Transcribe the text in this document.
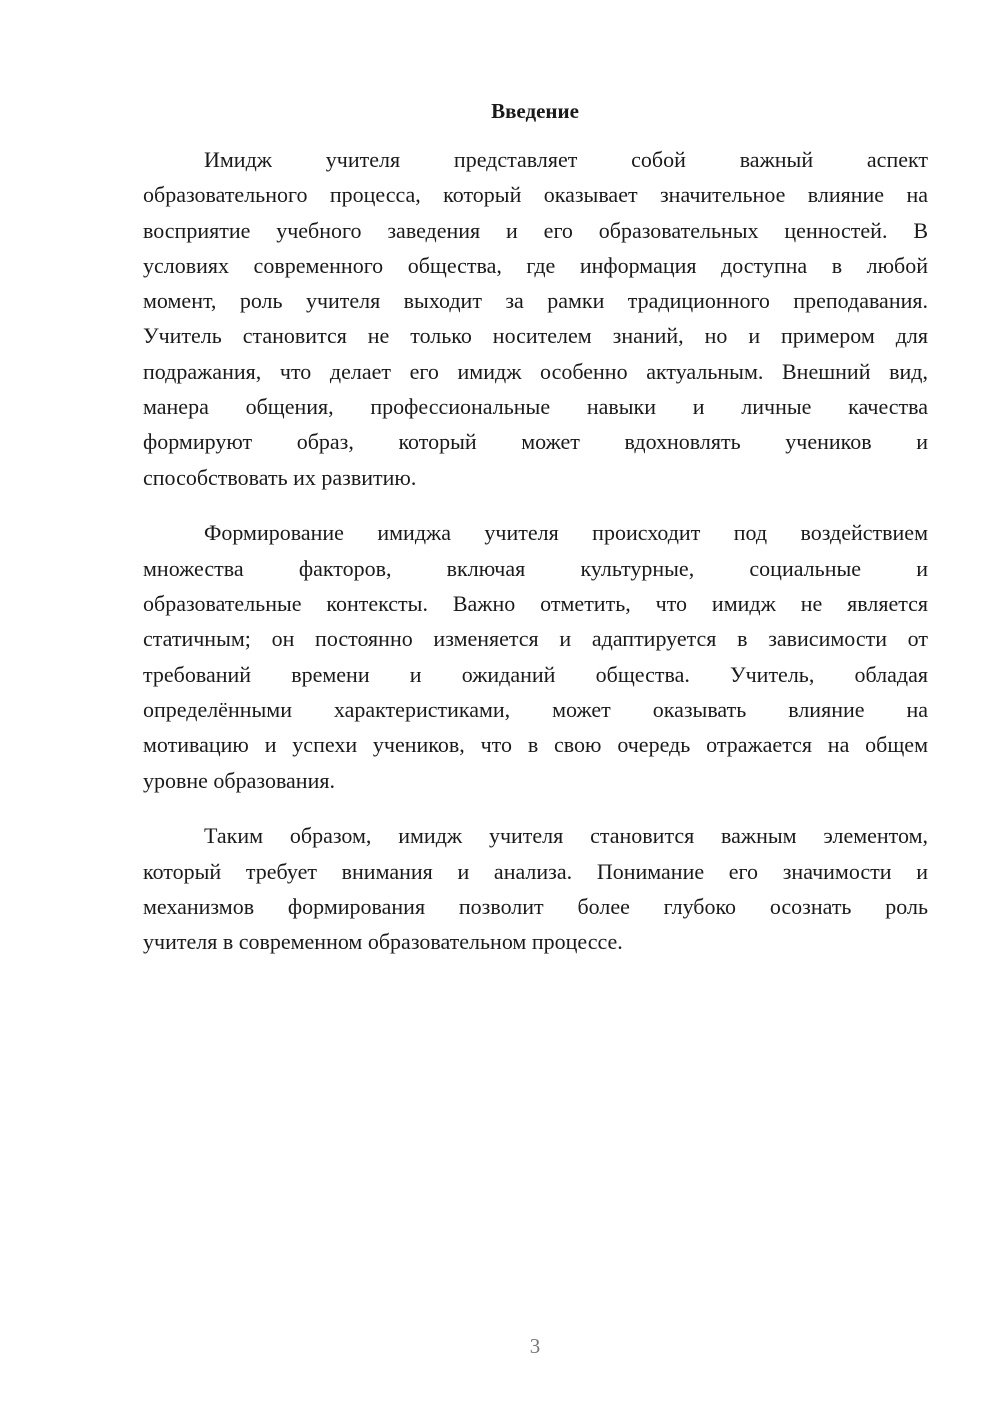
Введение
Имидж учителя представляет собой важный аспект
образовательного процесса, который оказывает значительное влияние на
восприятие учебного заведения и его образовательных ценностей. В
условиях современного общества, где информация доступна в любой
момент, роль учителя выходит за рамки традиционного преподавания.
Учитель становится не только носителем знаний, но и примером для
подражания, что делает его имидж особенно актуальным. Внешний вид,
манера общения, профессиональные навыки и личные качества
формируют образ, который может вдохновлять учеников и
способствовать их развитию.
Формирование имиджа учителя происходит под воздействием
множества факторов, включая культурные, социальные и
образовательные контексты. Важно отметить, что имидж не является
статичным; он постоянно изменяется и адаптируется в зависимости от
требований времени и ожиданий общества. Учитель, обладая
определёнными характеристиками, может оказывать влияние на
мотивацию и успехи учеников, что в свою очередь отражается на общем
уровне образования.
Таким образом, имидж учителя становится важным элементом,
который требует внимания и анализа. Понимание его значимости и
механизмов формирования позволит более глубоко осознать роль
учителя в современном образовательном процессе.
3
